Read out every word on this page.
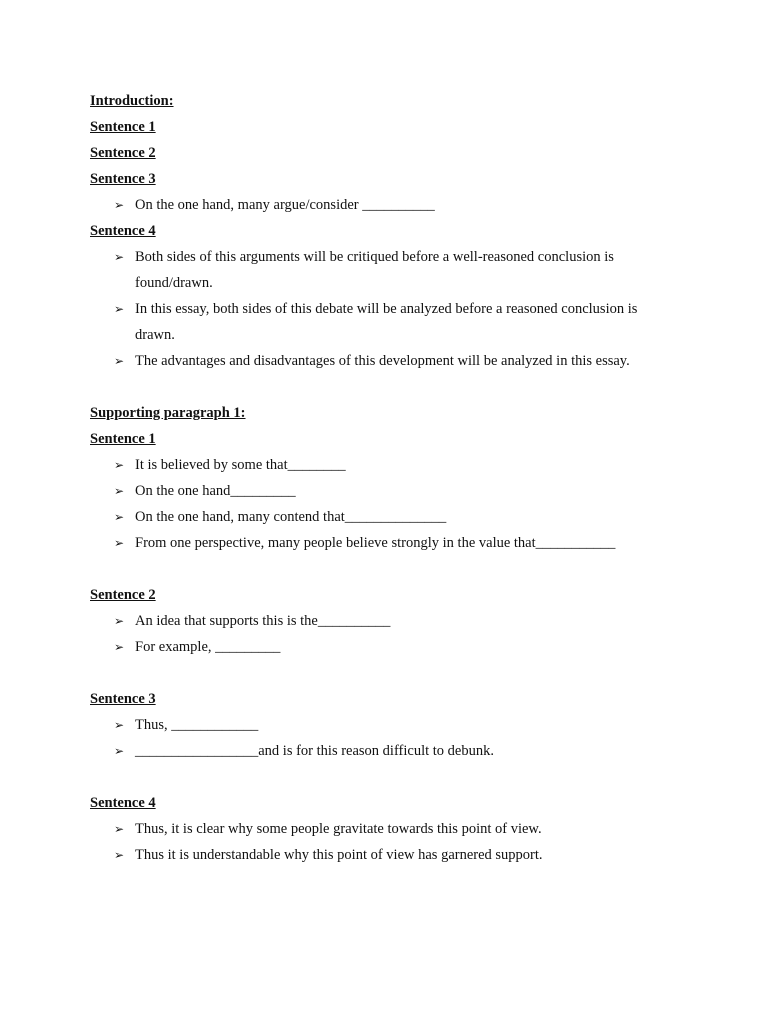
Introduction:
Sentence 1
Sentence 2
Sentence 3
➢ On the one hand, many argue/consider __________
Sentence 4
➢ Both sides of this arguments will be critiqued before a well-reasoned conclusion is
found/drawn.
➢ In this essay, both sides of this debate will be analyzed before a reasoned conclusion is
drawn.
➢ The advantages and disadvantages of this development will be analyzed in this essay.
Supporting paragraph 1:
Sentence 1
➢ It is believed by some that________
➢ On the one hand_________
➢ On the one hand, many contend that______________
➢ From one perspective, many people believe strongly in the value that___________
Sentence 2
➢ An idea that supports this is the__________
➢ For example, _________
Sentence 3
➢ Thus, ____________
➢ _________________and is for this reason difficult to debunk.
Sentence 4
➢ Thus, it is clear why some people gravitate towards this point of view.
➢ Thus it is understandable why this point of view has garnered support.
